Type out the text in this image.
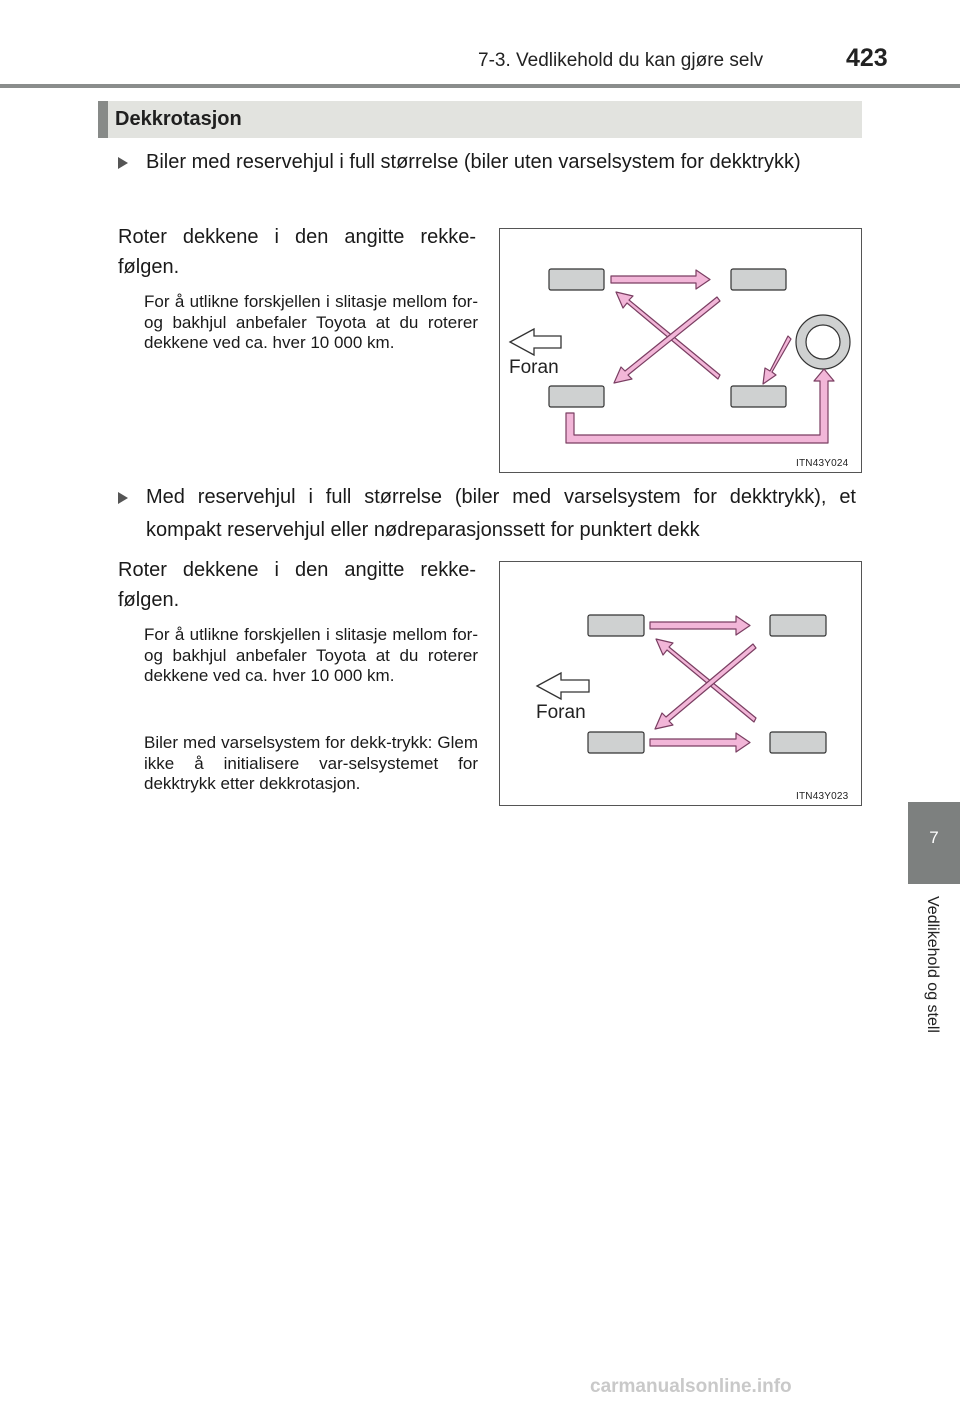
7-3. Vedlikehold du kan gjøre selv	423
7
Vedlikehold og stell
Dekkrotasjon
Biler med reservehjul i full størrelse (biler uten varselsystem for dekktrykk)
Roter dekkene i den angitte rekke-følgen.
For å utlikne forskjellen i slitasje mellom for- og bakhjul anbefaler Toyota at du roterer dekkene ved ca. hver 10 000 km.
Foran
ITN43Y024
Med reservehjul i full størrelse (biler med varselsystem for dekktrykk), et kompakt reservehjul eller nødreparasjonssett for punktert dekk
Roter dekkene i den angitte rekke-følgen.
For å utlikne forskjellen i slitasje mellom for- og bakhjul anbefaler Toyota at du roterer dekkene ved ca. hver 10 000 km.
Biler med varselsystem for dekk-trykk: Glem ikke å initialisere var-selsystemet for dekktrykk etter dekkrotasjon.
Foran
ITN43Y023
carmanualsonline.info
